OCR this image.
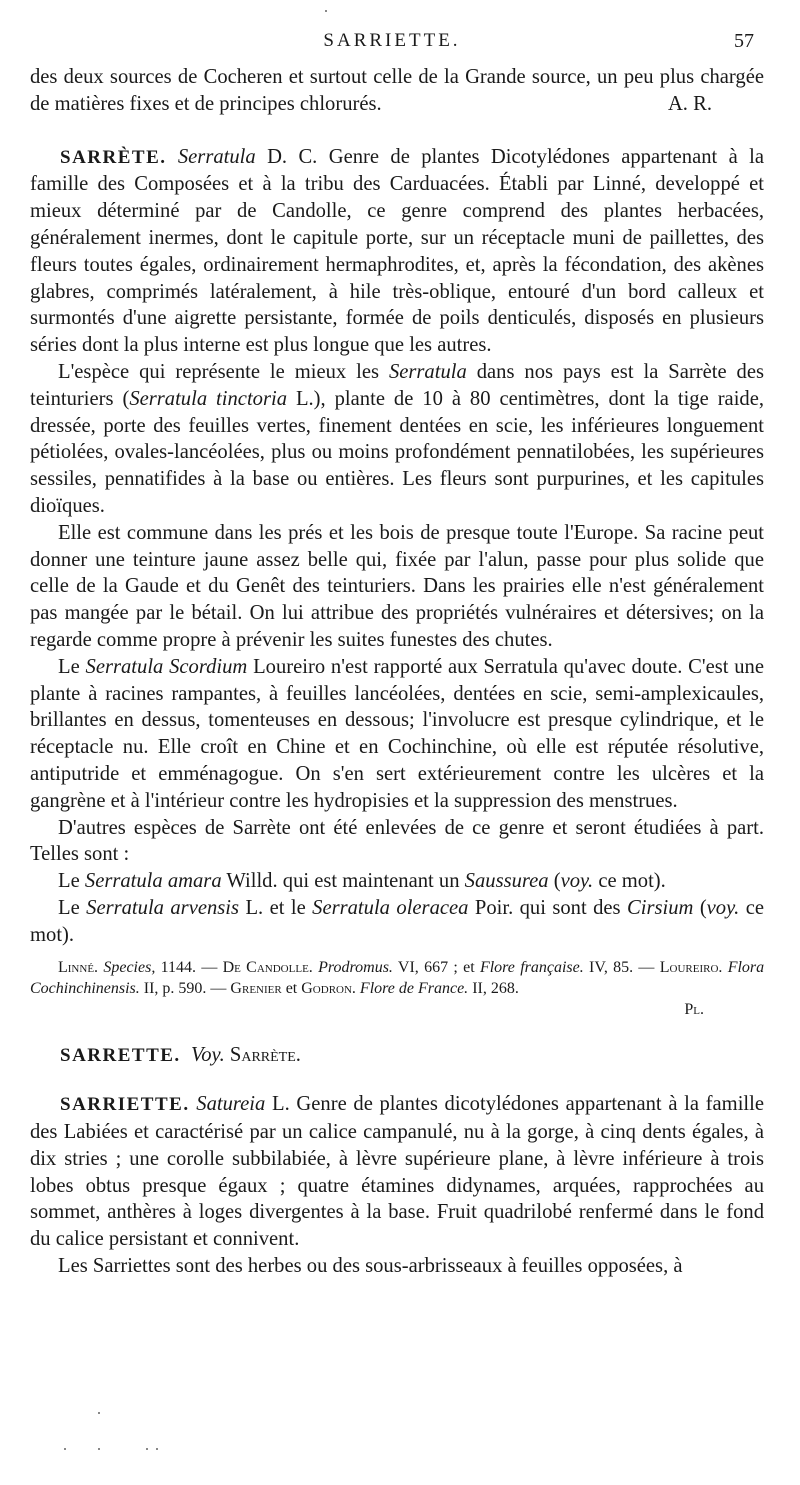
SARRIETTE.	57

des deux sources de Cocheren et surtout celle de la Grande source, un peu plus chargée de matières fixes et de principes chlorurés.	A. R.

SARRÈTE. Serratula D. C. Genre de plantes Dicotylédones appartenant à la famille des Composées et à la tribu des Carduacées. Établi par Linné, developpé et mieux déterminé par de Candolle, ce genre comprend des plantes herbacées, généralement inermes, dont le capitule porte, sur un réceptacle muni de paillettes, des fleurs toutes égales, ordinairement hermaphrodites, et, après la fécondation, des akènes glabres, comprimés latéralement, à hile très-oblique, entouré d'un bord calleux et surmontés d'une aigrette persistante, formée de poils denticulés, disposés en plusieurs séries dont la plus interne est plus longue que les autres.

L'espèce qui représente le mieux les Serratula dans nos pays est la Sarrète des teinturiers (Serratula tinctoria L.), plante de 10 à 80 centimètres, dont la tige raide, dressée, porte des feuilles vertes, finement dentées en scie, les inférieures longuement pétiolées, ovales-lancéolées, plus ou moins profondément pennatilobées, les supérieures sessiles, pennatifides à la base ou entières. Les fleurs sont purpurines, et les capitules dioïques.

Elle est commune dans les prés et les bois de presque toute l'Europe. Sa racine peut donner une teinture jaune assez belle qui, fixée par l'alun, passe pour plus solide que celle de la Gaude et du Genêt des teinturiers. Dans les prairies elle n'est généralement pas mangée par le bétail. On lui attribue des propriétés vulnéraires et détersives; on la regarde comme propre à prévenir les suites funestes des chutes.

Le Serratula Scordium Loureiro n'est rapporté aux Serratula qu'avec doute. C'est une plante à racines rampantes, à feuilles lancéolées, dentées en scie, semi-amplexicaules, brillantes en dessus, tomenteuses en dessous; l'involucre est presque cylindrique, et le réceptacle nu. Elle croît en Chine et en Cochinchine, où elle est réputée résolutive, antiputride et emménagogue. On s'en sert extérieurement contre les ulcères et la gangrène et à l'intérieur contre les hydropisies et la suppression des menstrues.

D'autres espèces de Sarrète ont été enlevées de ce genre et seront étudiées à part. Telles sont :

Le Serratula amara Willd. qui est maintenant un Saussurea (voy. ce mot).

Le Serratula arvensis L. et le Serratula oleracea Poir. qui sont des Cirsium (voy. ce mot).

Linné. Species, 1144. — De Candolle. Prodromus. VI, 667 ; et Flore française. IV, 85. — Loureiro. Flora Cochinchinensis. II, p. 590. — Grenier et Godron. Flore de France. II, 268.
Pl.

SARRETTE. Voy. Sarrète.

SARRIETTE. Satureia L. Genre de plantes dicotylédones appartenant à la famille des Labiées et caractérisé par un calice campanulé, nu à la gorge, à cinq dents égales, à dix stries ; une corolle subbilabiée, à lèvre supérieure plane, à lèvre inférieure à trois lobes obtus presque égaux ; quatre étamines didynames, arquées, rapprochées au sommet, anthères à loges divergentes à la base. Fruit quadrilobé renfermé dans le fond du calice persistant et connivent.

Les Sarriettes sont des herbes ou des sous-arbrisseaux à feuilles opposées, à
